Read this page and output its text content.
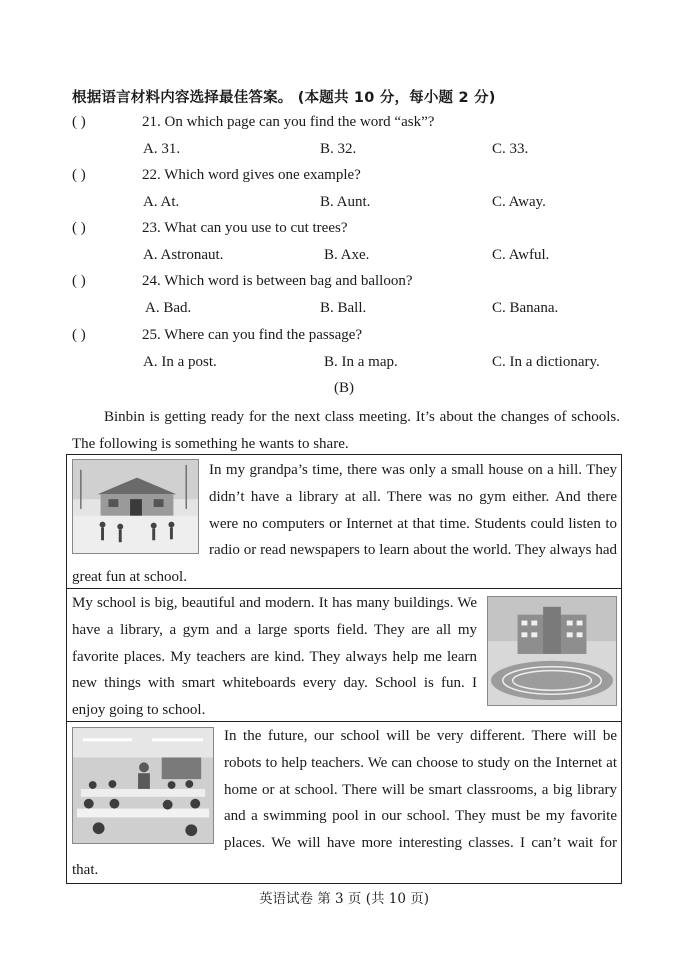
根据语言材料内容选择最佳答案。 (本题共 10 分，每小题 2 分)
( )	21. On which page can you find the word “ask”?
A. 31.	B. 32.	C. 33.
( )	22. Which word gives one example?
A. At.	B. Aunt.	C. Away.
( )	23. What can you use to cut trees?
A. Astronaut.	B. Axe.	C. Awful.
( )	24. Which word is between bag and balloon?
A. Bad.	B. Ball.	C. Banana.
( )	25. Where can you find the passage?
A. In a post.	B. In a map.	C. In a dictionary.
(B)
Binbin is getting ready for the next class meeting. It’s about the changes of schools. The following is something he wants to share.
In my grandpa’s time, there was only a small house on a hill. They didn’t have a library at all. There was no gym either. And there were no computers or Internet at that time. Students could listen to radio or read newspapers to learn about the world. They always had great fun at school.
My school is big, beautiful and modern. It has many buildings. We have a library, a gym and a large sports field. They are all my favorite places. My teachers are kind. They always help me learn new things with smart whiteboards every day. School is fun. I enjoy going to school.
In the future, our school will be very different. There will be robots to help teachers. We can choose to study on the Internet at home or at school. There will be smart classrooms, a big library and a swimming pool in our school. They must be my favorite places. We will have more interesting classes. I can’t wait for that.
英语试卷 第 3 页 (共 10 页)
